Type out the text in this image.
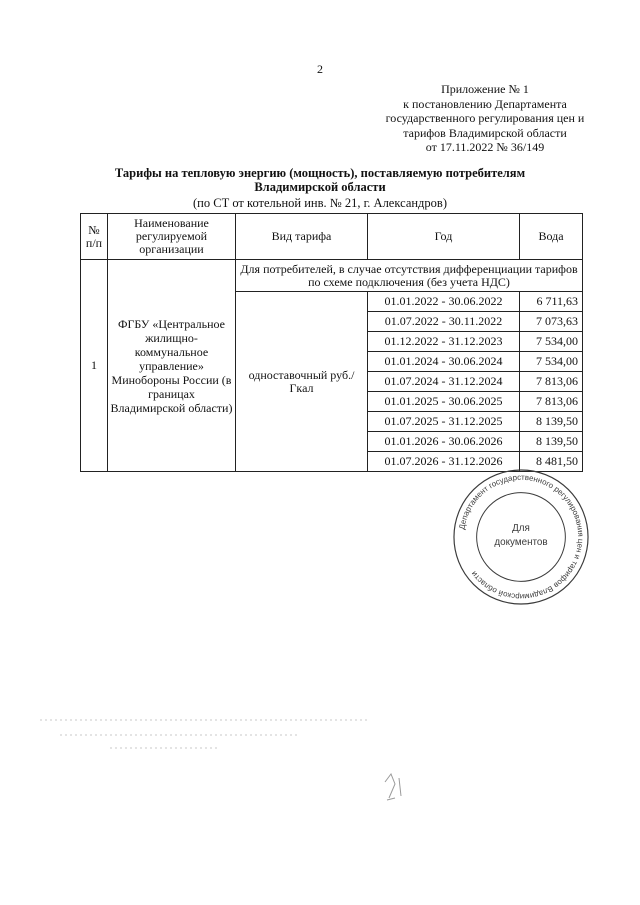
2
Приложение № 1
к постановлению Департамента
государственного регулирования цен и
тарифов Владимирской области
от 17.11.2022 № 36/149
Тарифы на тепловую энергию (мощность), поставляемую потребителям
Владимирской области
(по СТ от котельной инв. № 21, г. Александров)
№ п/п	Наименование регулируемой организации	Вид тарифа	Год	Вода
1	ФГБУ «Центральное жилищно-коммунальное управление» Минобороны России (в границах Владимирской области)	Для потребителей, в случае отсутствия дифференциации тарифов по схеме подключения (без учета НДС)		
		одноставочный руб./Гкал	01.01.2022 - 30.06.2022	6 711,63
			01.07.2022 - 30.11.2022	7 073,63
			01.12.2022 - 31.12.2023	7 534,00
			01.01.2024 - 30.06.2024	7 534,00
			01.07.2024 - 31.12.2024	7 813,06
			01.01.2025 - 30.06.2025	7 813,06
			01.07.2025 - 31.12.2025	8 139,50
			01.01.2026 - 30.06.2026	8 139,50
			01.07.2026 - 31.12.2026	8 481,50
Департамент государственного регулирования цен и тарифов Владимирской области
Для
документов
